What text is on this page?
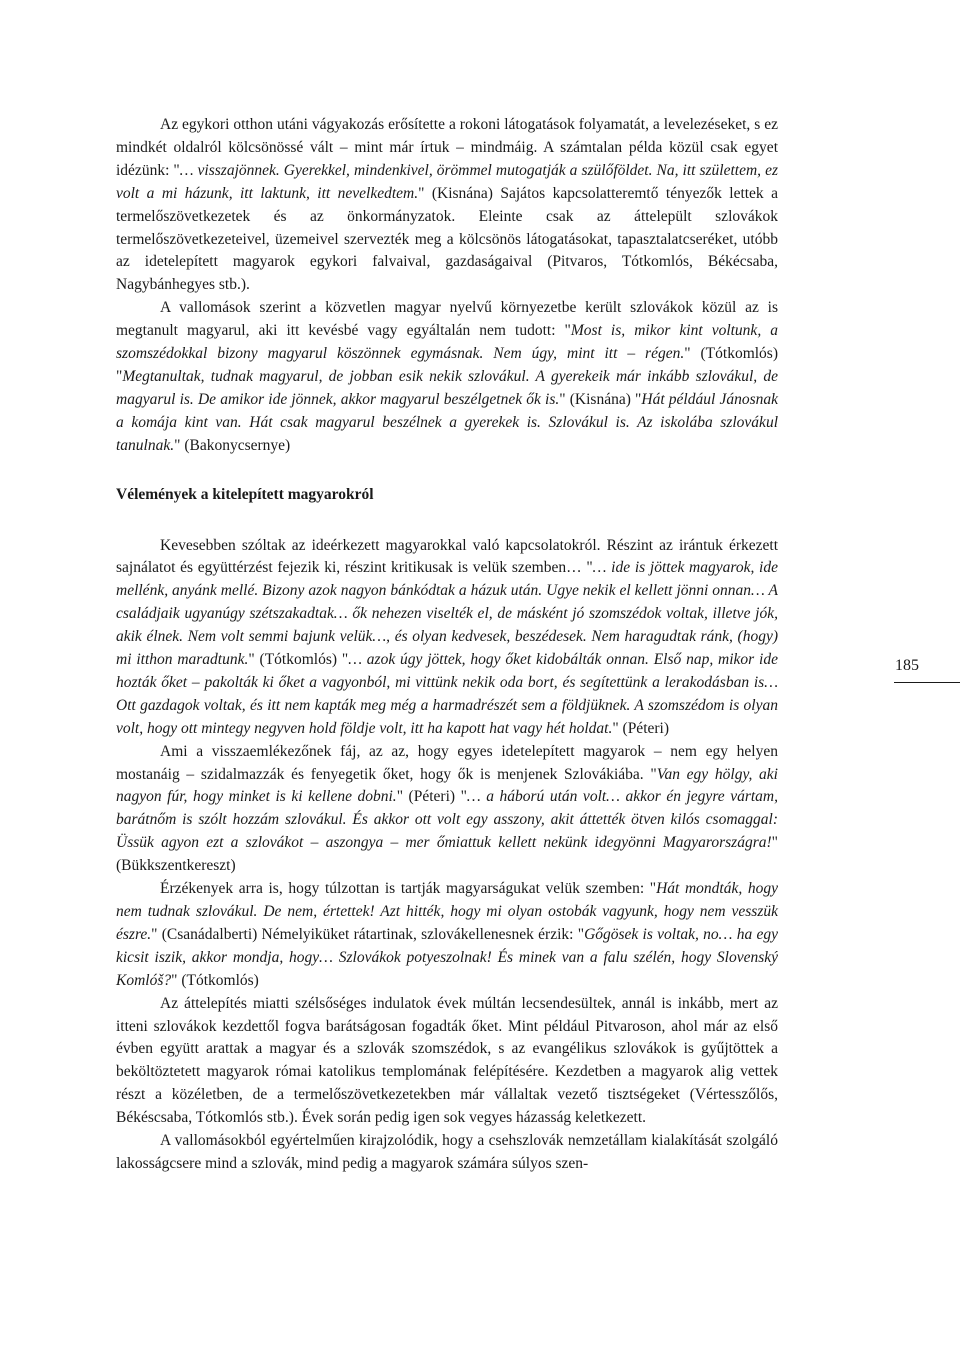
Az egykori otthon utáni vágyakozás erősítette a rokoni látogatások folyamatát, a levelezéseket, s ez mindkét oldalról kölcsönössé vált – mint már írtuk – mindmáig. A számtalan példa közül csak egyet idézünk: "… visszajönnek. Gyerekkel, mindenkivel, örömmel mutogatják a szülőföldet. Na, itt születtem, ez volt a mi házunk, itt laktunk, itt nevelkedtem." (Kisnána) Sajátos kapcsolatteremtő tényezők lettek a termelőszövetkezetek és az önkormányzatok. Eleinte csak az áttelepült szlovákok termelőszövetkezeteivel, üzemeivel szervezték meg a kölcsönös látogatásokat, tapasztalatcseréket, utóbb az idetelepített magyarok egykori falvaival, gazdaságaival (Pitvaros, Tótkomlós, Békécsaba, Nagybánhegyes stb.).

A vallomások szerint a közvetlen magyar nyelvű környezetbe került szlovákok közül az is megtanult magyarul, aki itt kevésbé vagy egyáltalán nem tudott: "Most is, mikor kint voltunk, a szomszédokkal bizony magyarul köszönnek egymásnak. Nem úgy, mint itt – régen." (Tótkomlós) "Megtanultak, tudnak magyarul, de jobban esik nekik szlovákul. A gyerekeik már inkább szlovákul, de magyarul is. De amikor ide jönnek, akkor magyarul beszélgetnek ők is." (Kisnána) "Hát például Jánosnak a komája kint van. Hát csak magyarul beszélnek a gyerekek is. Szlovákul is. Az iskolába szlovákul tanulnak." (Bakonycsernye)

Vélemények a kitelepített magyarokról

Kevesebben szóltak az ideérkezett magyarokkal való kapcsolatokról. Részint az irántuk érkezett sajnálatot és együttérzést fejezik ki, részint kritikusak is velük szemben… "… ide is jöttek magyarok, ide mellénk, anyánk mellé. Bizony azok nagyon bánkódtak a házuk után. Ugye nekik el kellett jönni onnan… A családjaik ugyanúgy szétszakadtak… ők nehezen viselték el, de másként jó szomszédok voltak, illetve jók, akik élnek. Nem volt semmi bajunk velük…, és olyan kedvesek, beszédesek. Nem haragudtak ránk, (hogy) mi itthon maradtunk." (Tótkomlós) "… azok úgy jöttek, hogy őket kidobálták onnan. Első nap, mikor ide hozták őket – pakolták ki őket a vagyonból, mi vittünk nekik oda bort, és segítettünk a lerakodásban is… Ott gazdagok voltak, és itt nem kapták meg még a harmadrészét sem a földjüknek. A szomszédom is olyan volt, hogy ott mintegy negyven hold földje volt, itt ha kapott hat vagy hét holdat." (Péteri)

Ami a visszaemlékezőnek fáj, az az, hogy egyes idetelepített magyarok – nem egy helyen mostanáig – szidalmazzák és fenyegetik őket, hogy ők is menjenek Szlovákiába. "Van egy hölgy, aki nagyon fúr, hogy minket is ki kellene dobni." (Péteri) "… a háború után volt… akkor én jegyre vártam, barátnőm is szólt hozzám szlovákul. És akkor ott volt egy asszony, akit áttették ötven kilós csomaggal: Üssük agyon ezt a szlovákot – aszongya – mer őmiattuk kellett nekünk idegyönni Magyarországra!" (Bükkszentkereszt)

Érzékenyek arra is, hogy túlzottan is tartják magyarságukat velük szemben: "Hát mondták, hogy nem tudnak szlovákul. De nem, értettek! Azt hitték, hogy mi olyan ostobák vagyunk, hogy nem vesszük észre." (Csanádalberti) Némelyiküket rátartinak, szlovákellenesnek érzik: "Gőgösek is voltak, no… ha egy kicsit iszik, akkor mondja, hogy… Szlovákok potyeszolnak! És minek van a falu szélén, hogy Slovenský Komlóš?" (Tótkomlós)

Az áttelepítés miatti szélsőséges indulatok évek múltán lecsendesültek, annál is inkább, mert az itteni szlovákok kezdettől fogva barátságosan fogadták őket. Mint például Pitvaroson, ahol már az első évben együtt arattak a magyar és a szlovák szomszédok, s az evangélikus szlovákok is gyűjtöttek a beköltöztetett magyarok római katolikus templomának felépítésére. Kezdetben a magyarok alig vettek részt a közéletben, de a termelőszövetkezetekben már vállaltak vezető tisztségeket (Vértesszőlős, Békéscsaba, Tótkomlós stb.). Évek során pedig igen sok vegyes házasság keletkezett.

A vallomásokból egyértelműen kirajzolódik, hogy a csehszlovák nemzetállam kialakítását szolgáló lakosságcsere mind a szlovák, mind pedig a magyarok számára súlyos szen-

185
